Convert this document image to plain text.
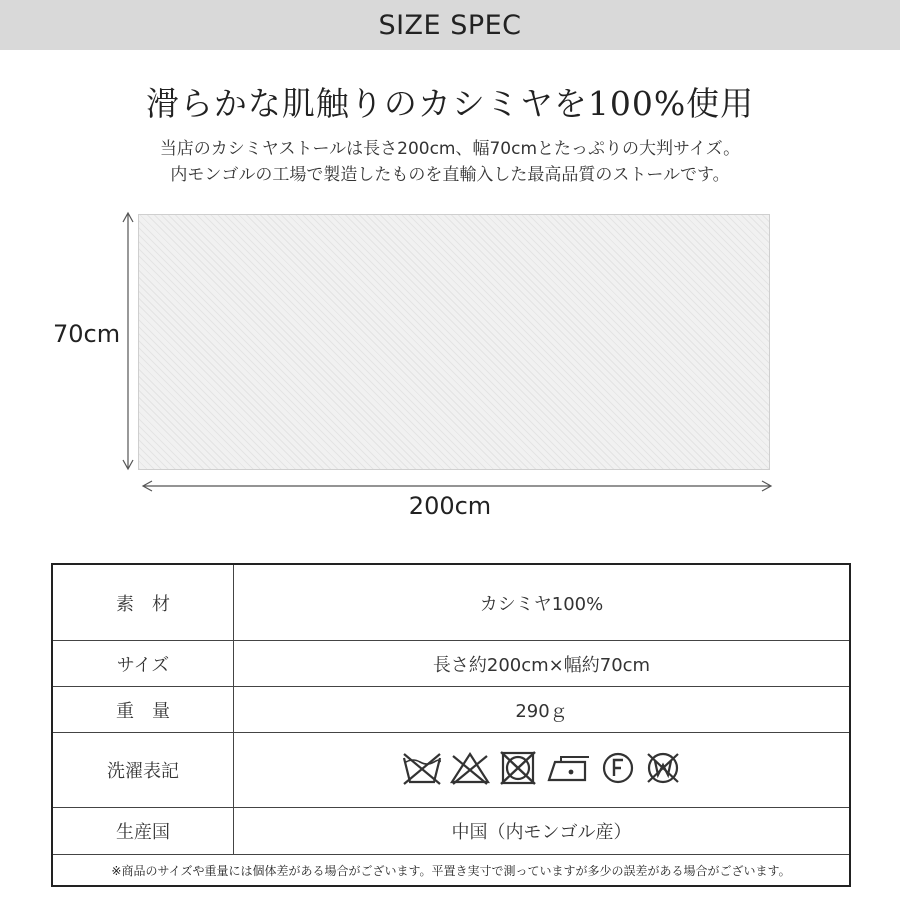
SIZE SPEC
滑らかな肌触りのカシミヤを100%使用
当店のカシミヤストールは長さ200cm、幅70cmとたっぷりの大判サイズ。
内モンゴルの工場で製造したものを直輸入した最高品質のストールです。
70cm
200cm
素　材	カシミヤ100%
サイズ	長さ約200cm×幅約70cm
重　量	290ｇ
洗濯表記	

生産国	中国（内モンゴル産）
※商品のサイズや重量には個体差がある場合がございます。平置き実寸で測っていますが多少の誤差がある場合がございます。	
